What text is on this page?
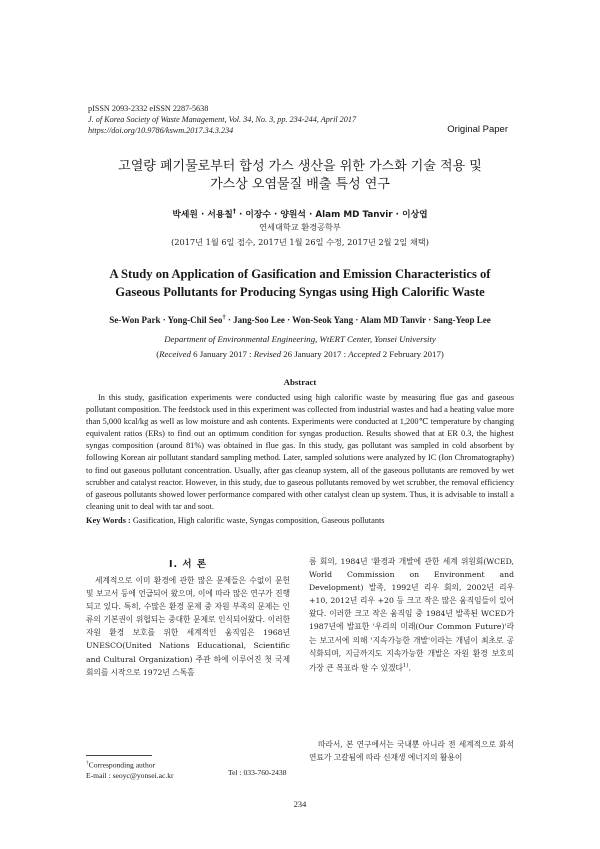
pISSN 2093-2332 eISSN 2287-5638
J. of Korea Society of Waste Management, Vol. 34, No. 3, pp. 234-244, April 2017
https://doi.org/10.9786/kswm.2017.34.3.234	Original Paper
고열량 폐기물로부터 합성 가스 생산을 위한 가스화 기술 적용 및
가스상 오염물질 배출 특성 연구
박세원 · 서용칠† · 이장수 · 양원석 · Alam MD Tanvir · 이상엽
연세대학교 환경공학부
(2017년 1월 6일 접수, 2017년 1월 26일 수정, 2017년 2월 2일 채택)
A Study on Application of Gasification and Emission Characteristics of
Gaseous Pollutants for Producing Syngas using High Calorific Waste
Se-Won Park · Yong-Chil Seo† · Jang-Soo Lee · Won-Seok Yang · Alam MD Tanvir · Sang-Yeop Lee
Department of Environmental Engineering, WtERT Center, Yonsei University
(Received 6 January 2017 : Revised 26 January 2017 : Accepted 2 February 2017)
Abstract
In this study, gasification experiments were conducted using high calorific waste by measuring flue gas and gaseous pollutant composition. The feedstock used in this experiment was collected from industrial wastes and had a heating value more than 5,000 kcal/kg as well as low moisture and ash contents. Experiments were conducted at 1,200℃ temperature by changing equivalent ratios (ERs) to find out an optimum condition for syngas production. Results showed that at ER 0.3, the highest syngas composition (around 81%) was obtained in flue gas. In this study, gas pollutant was sampled in cold absorbent by following Korean air pollutant standard sampling method. Later, sampled solutions were analyzed by IC (Ion Chromatography) to find out gaseous pollutant concentration. Usually, after gas cleanup system, all of the gaseous pollutants are removed by wet scrubber and catalyst reactor. However, in this study, due to gaseous pollutants removed by wet scrubber, the removal efficiency of gaseous pollutants showed lower performance compared with other catalyst clean up system. Thus, it is advisable to install a cleaning unit to deal with tar and soot.
Key Words : Gasification, High calorific waste, Syngas composition, Gaseous pollutants
I. 서 론
세계적으로 이미 환경에 관한 많은 문제들은 수없이 문헌 및 보고서 등에 언급되어 왔으며, 이에 따라 많은 연구가 진행되고 있다. 특히, 수많은 환경 문제 중 자원 부족의 문제는 인류의 기본권이 위협되는 중대한 문제로 인식되어왔다. 이러한 자원 환경 보호를 위한 세계적인 움직임은 1968년 UNESCO(United Nations Educational, Scientific and Cultural Organization) 주관 하에 이루어진 첫 국제회의를 시작으로 1972년 스톡홀
름 회의, 1984년 '환경과 개발에 관한 세계 위원회(WCED, World Commission on Environment and Development) 발족, 1992년 리우 회의, 2002년 리우+10, 2012년 리우 +20 등 크고 작은 많은 움직임들이 있어 왔다. 이러한 크고 작은 움직임 중 1984년 발족된 WCED가 1987년에 발표한 '우리의 미래(Our Common Future)'라는 보고서에 의해 '지속가능한 개발'이라는 개념이 최초로 공식화되며, 지금까지도 지속가능한 개발은 자원 환경 보호의 가장 큰 목표라 할 수 있겠다$^{1)}$.
따라서, 본 연구에서는 국내뿐 아니라 전 세계적으로 화석연료가 고갈됨에 따라 신재생 에너지의 활용이
†Corresponding author
E-mail : seoyc@yonsei.ac.kr	Tel : 033-760-2438
234
